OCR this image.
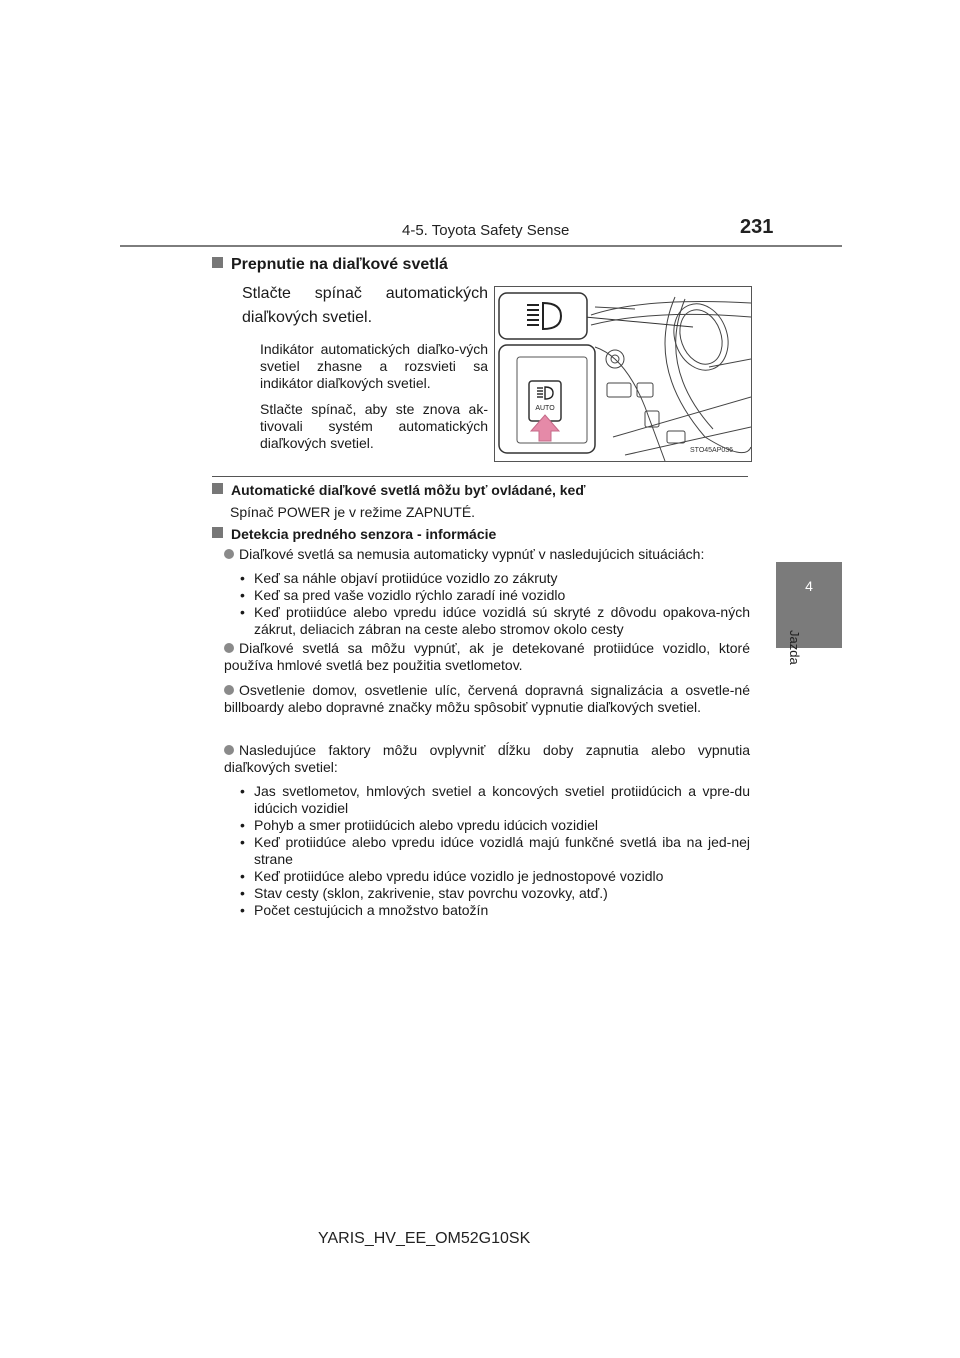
4-5. Toyota Safety Sense	231
4
Jazda
Prepnutie na diaľkové svetlá
Stlačte spínač automatických diaľkových svetiel.

Indikátor automatických diaľko-vých svetiel zhasne a rozsvieti sa indikátor diaľkových svetiel.

Stlačte spínač, aby ste znova ak-tivovali systém automatických diaľkových svetiel.

AUTO
STO45AP036
Automatické diaľkové svetlá môžu byť ovládané, keď
Spínač POWER je v režime ZAPNUTÉ.
Detekcia predného senzora - informácie
Diaľkové svetlá sa nemusia automaticky vypnúť v nasledujúcich situáciách:
• Keď sa náhle objaví protiidúce vozidlo zo zákruty
• Keď sa pred vaše vozidlo rýchlo zaradí iné vozidlo
• Keď protiidúce alebo vpredu idúce vozidlá sú skryté z dôvodu opakova-ných zákrut, deliacich zábran na ceste alebo stromov okolo cesty
Diaľkové svetlá sa môžu vypnúť, ak je detekované protiidúce vozidlo, ktoré používa hmlové svetlá bez použitia svetlometov.
Osvetlenie domov, osvetlenie ulíc, červená dopravná signalizácia a osvetle-né billboardy alebo dopravné značky môžu spôsobiť vypnutie diaľkových svetiel.
Nasledujúce faktory môžu ovplyvniť dĺžku doby zapnutia alebo vypnutia diaľkových svetiel:
• Jas svetlometov, hmlových svetiel a koncových svetiel protiidúcich a vpre-du idúcich vozidiel
• Pohyb a smer protiidúcich alebo vpredu idúcich vozidiel
• Keď protiidúce alebo vpredu idúce vozidlá majú funkčné svetlá iba na jed-nej strane
• Keď protiidúce alebo vpredu idúce vozidlo je jednostopové vozidlo
• Stav cesty (sklon, zakrivenie, stav povrchu vozovky, atď.)
• Počet cestujúcich a množstvo batožín
YARIS_HV_EE_OM52G10SK
